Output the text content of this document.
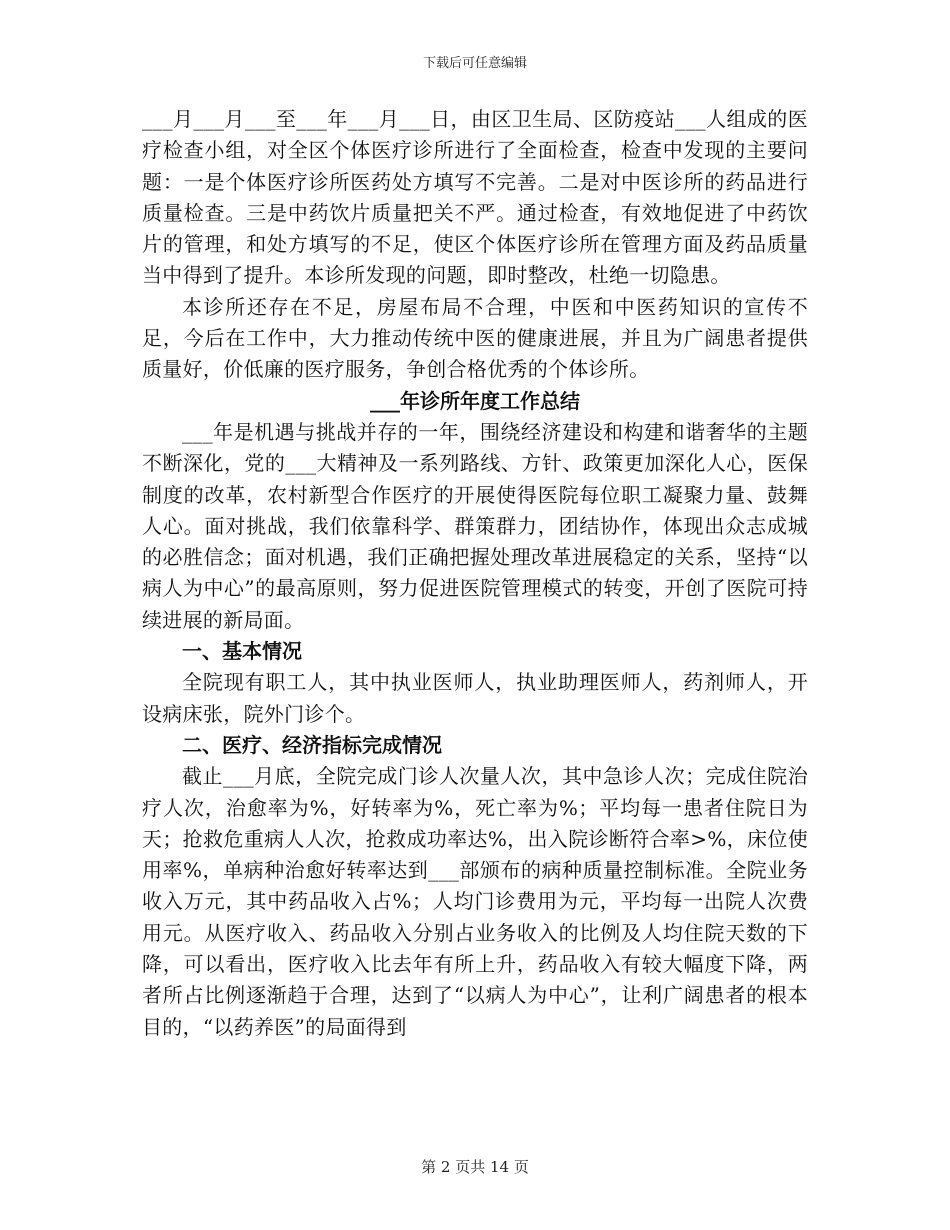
下载后可任意编辑

___月___月___至___年___月___日，由区卫生局、区防疫站___人组成的医疗检查小组，对全区个体医疗诊所进行了全面检查，检查中发现的主要问题：一是个体医疗诊所医药处方填写不完善。二是对中医诊所的药品进行质量检查。三是中药饮片质量把关不严。通过检查，有效地促进了中药饮片的管理，和处方填写的不足，使区个体医疗诊所在管理方面及药品质量当中得到了提升。本诊所发现的问题，即时整改，杜绝一切隐患。

本诊所还存在不足，房屋布局不合理，中医和中医药知识的宣传不足，今后在工作中，大力推动传统中医的健康进展，并且为广阔患者提供质量好，价低廉的医疗服务，争创合格优秀的个体诊所。

___年诊所年度工作总结

___年是机遇与挑战并存的一年，围绕经济建设和构建和谐奢华的主题不断深化，党的___大精神及一系列路线、方针、政策更加深化人心，医保制度的改革，农村新型合作医疗的开展使得医院每位职工凝聚力量、鼓舞人心。面对挑战，我们依靠科学、群策群力，团结协作，体现出众志成城的必胜信念；面对机遇，我们正确把握处理改革进展稳定的关系，坚持“以病人为中心”的最高原则，努力促进医院管理模式的转变，开创了医院可持续进展的新局面。

一、基本情况

全院现有职工人，其中执业医师人，执业助理医师人，药剂师人，开设病床张，院外门诊个。

二、医疗、经济指标完成情况

截止___月底，全院完成门诊人次量人次，其中急诊人次；完成住院治疗人次，治愈率为%，好转率为%，死亡率为%；平均每一患者住院日为天；抢救危重病人人次，抢救成功率达%，出入院诊断符合率>%，床位使用率%，单病种治愈好转率达到___部颁布的病种质量控制标准。全院业务收入万元，其中药品收入占%；人均门诊费用为元，平均每一出院人次费用元。从医疗收入、药品收入分别占业务收入的比例及人均住院天数的下降，可以看出，医疗收入比去年有所上升，药品收入有较大幅度下降，两者所占比例逐渐趋于合理，达到了“以病人为中心”，让利广阔患者的根本目的，“以药养医”的局面得到

第 2 页共 14 页
